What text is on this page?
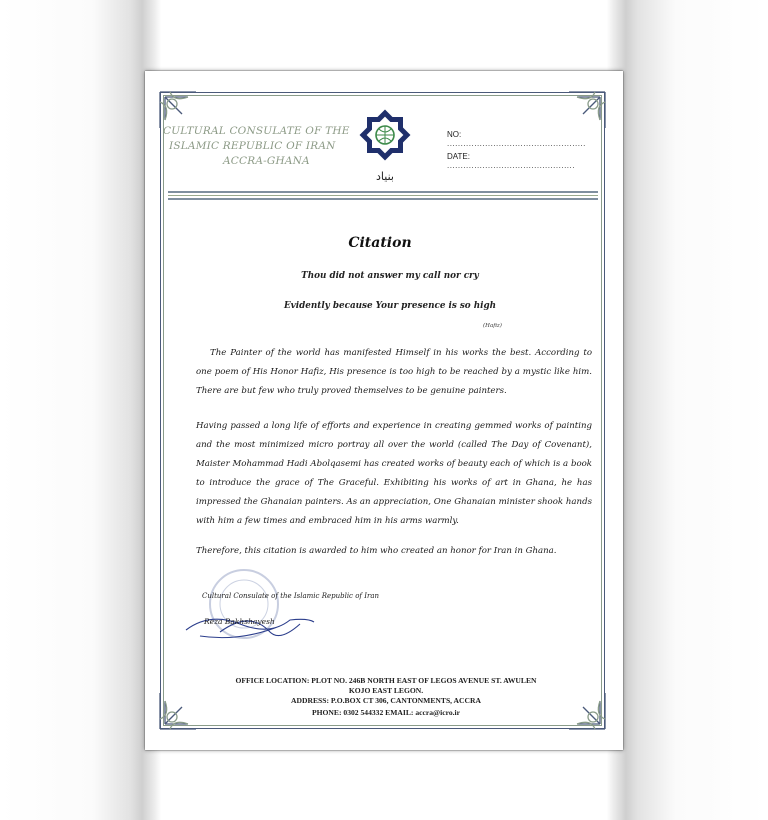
CULTURAL CONSULATE OF THE
ISLAMIC REPUBLIC OF IRAN
ACCRA-GHANA
بنیاد
NO: ...................................................
DATE: ...............................................
Citation
Thou did not answer my call nor cry
Evidently because Your presence is so high
(Hafiz)
The Painter of the world has manifested Himself in his works the best. According to one poem of His Honor Hafiz, His presence is too high to be reached by a mystic like him. There are but few who truly proved themselves to be genuine painters.
Having passed a long life of efforts and experience in creating gemmed works of painting and the most minimized micro portray all over the world (called The Day of Covenant), Maister Mohammad Hadi Abolqasemi has created works of beauty each of which is a book to introduce the grace of The Graceful. Exhibiting his works of art in Ghana, he has impressed the Ghanaian painters. As an appreciation, One Ghanaian minister shook hands with him a few times and embraced him in his arms warmly.
Therefore, this citation is awarded to him who created an honor for Iran in Ghana.
Cultural Consulate of the Islamic Republic of Iran
Reza Bakhshayesh
OFFICE LOCATION: PLOT NO. 246B NORTH EAST OF LEGOS AVENUE ST. AWULEN
KOJO EAST LEGON.
ADDRESS: P.O.BOX CT 306, CANTONMENTS, ACCRA
PHONE: 0302 544332 EMAIL: accra@icro.ir
